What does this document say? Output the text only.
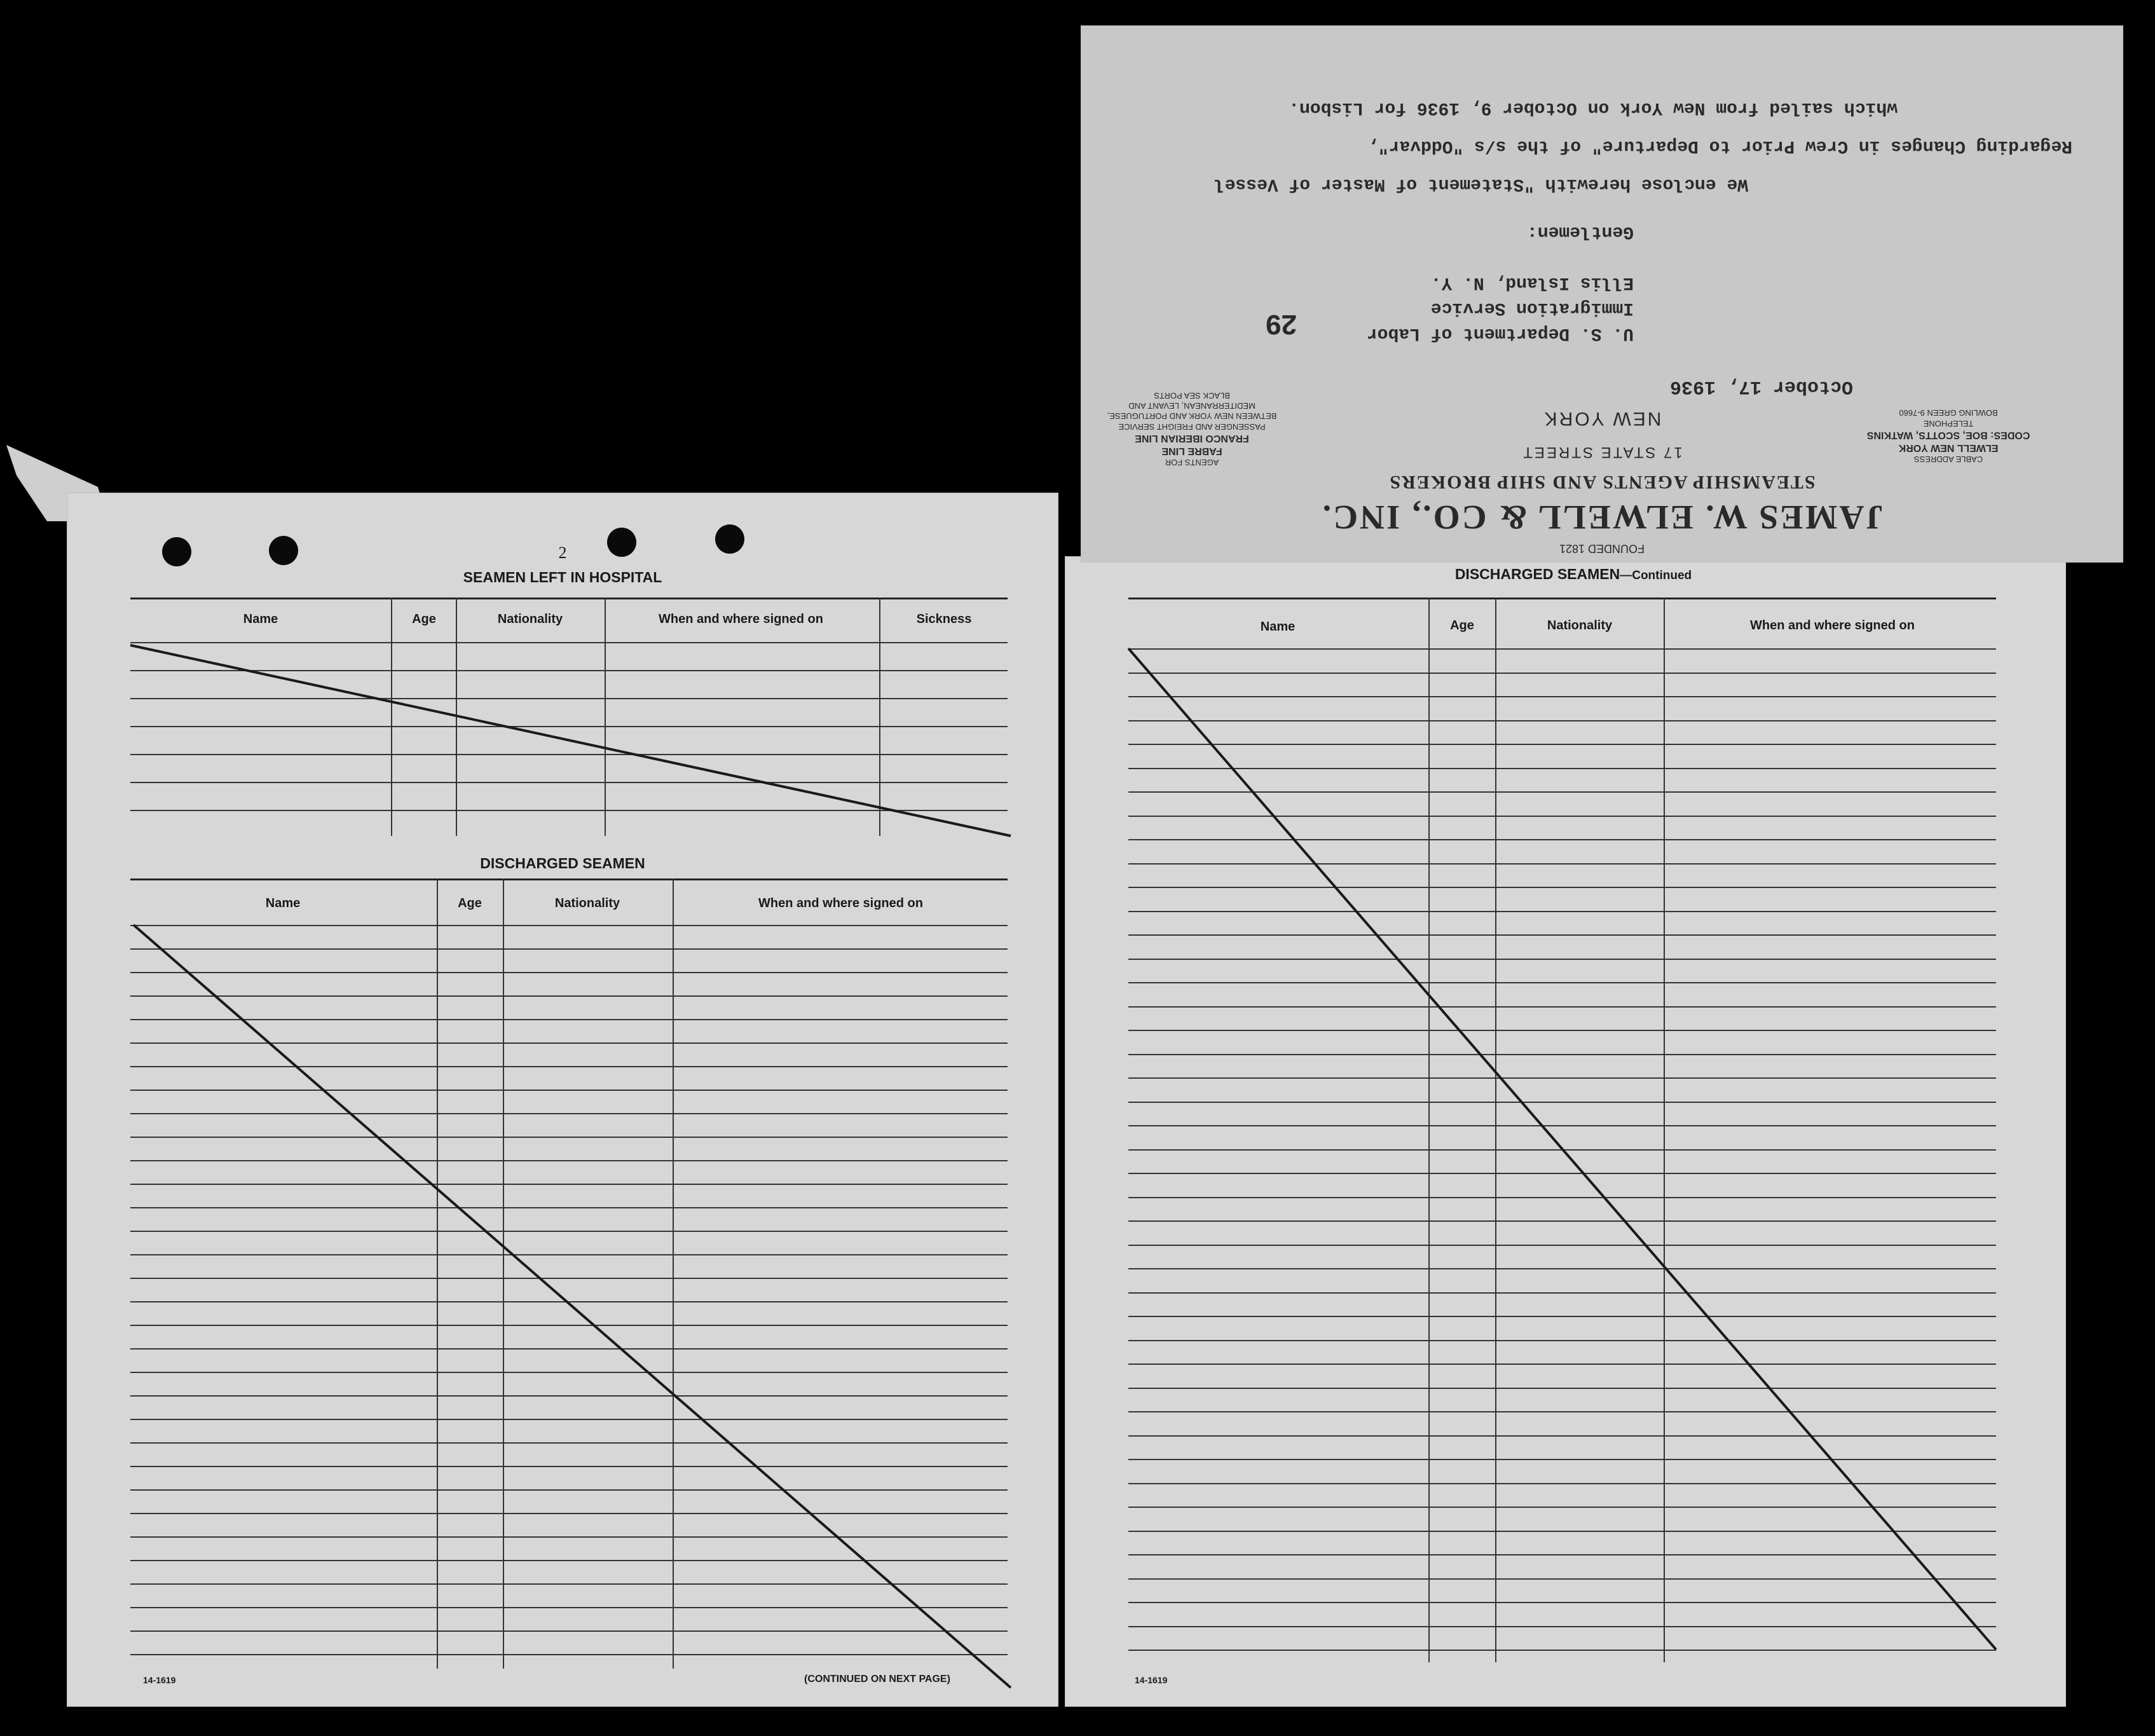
2
SEAMEN LEFT IN HOSPITAL
Name	Age	Nationality	When and where signed on	Sickness
DISCHARGED SEAMEN
Name	Age	Nationality	When and where signed on
14-1619	(CONTINUED ON NEXT PAGE)
DISCHARGED SEAMEN—Continued
Name	Age	Nationality	When and where signed on
14-1619
FOUNDED 1821
JAMES W. ELWELL & CO., INC.
STEAMSHIP AGENTS AND SHIP BROKERS
AGENTS FOR
FABRE LINE
FRANCO IBERIAN LINE
PASSENGER AND FREIGHT SERVICE
BETWEEN NEW YORK AND PORTUGUESE,
MEDITERRANEAN, LEVANT AND
BLACK SEA PORTS
CABLE ADDRESS
ELWELL NEW YORK
CODES: BOE, SCOTTS, WATKINS
TELEPHONE
BOWLING GREEN 9-7660
17 STATE STREET
NEW YORK
October 17, 1936
29	U. S. Department of Labor
Immigration Service
Ellis Island, N. Y.
Gentlemen:
We enclose herewith "Statement of Master of Vessel
Regarding Changes in Crew Prior to Departure" of the s/s "Oddvar",
which sailed from New York on October 9, 1936 for Lisbon.
